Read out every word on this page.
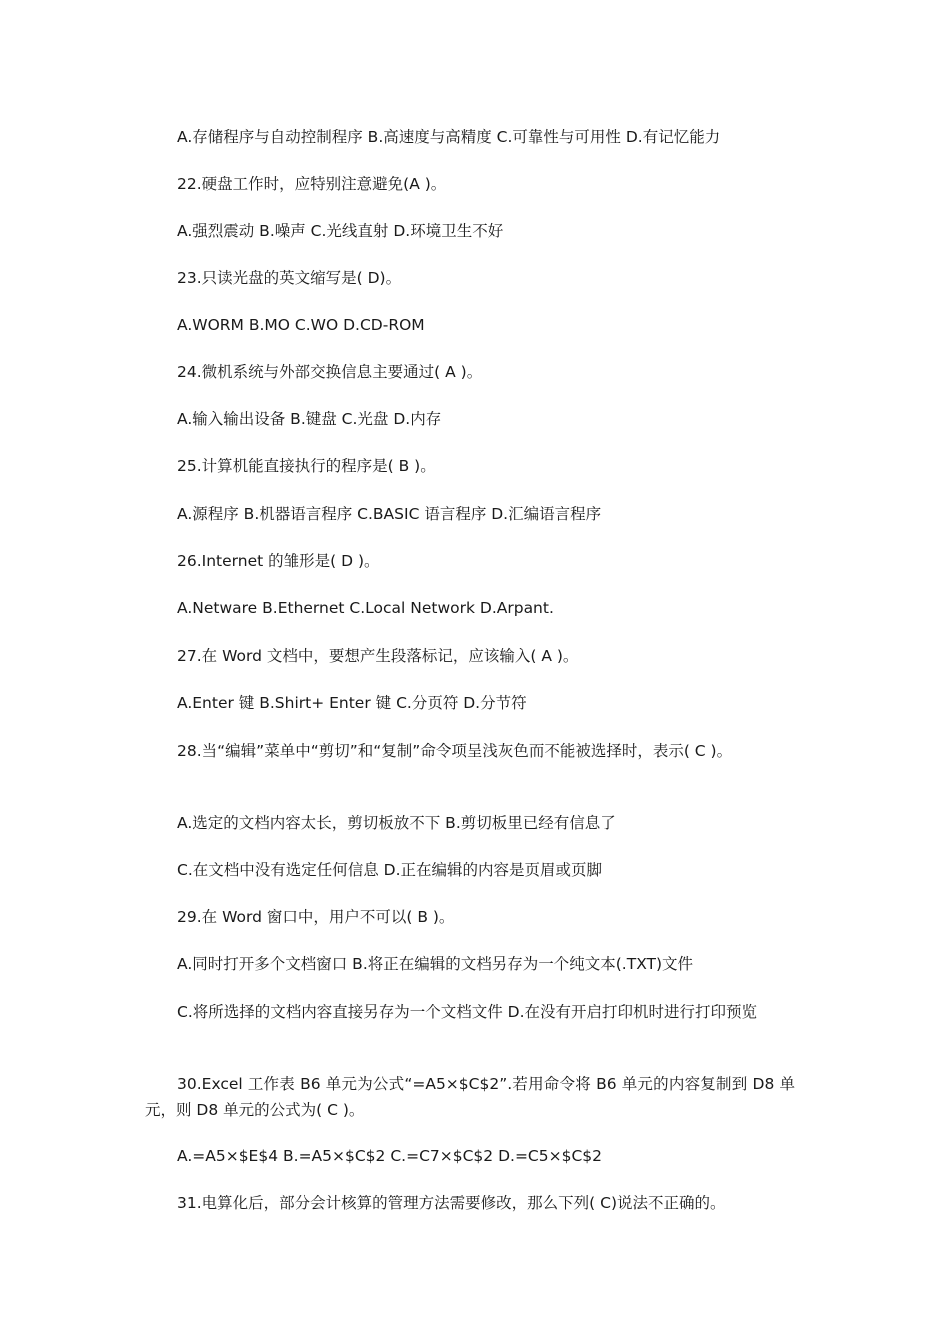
A.存储程序与自动控制程序 B.高速度与高精度 C.可靠性与可用性 D.有记忆能力
22.硬盘工作时，应特别注意避免(A )。
A.强烈震动 B.噪声 C.光线直射 D.环境卫生不好
23.只读光盘的英文缩写是( D)。
A.WORM B.MO C.WO D.CD-ROM
24.微机系统与外部交换信息主要通过( A )。
A.输入输出设备 B.键盘 C.光盘 D.内存
25.计算机能直接执行的程序是( B )。
A.源程序 B.机器语言程序 C.BASIC 语言程序 D.汇编语言程序
26.Internet 的雏形是( D )。
A.Netware B.Ethernet C.Local Network D.Arpant.
27.在 Word 文档中，要想产生段落标记，应该输入( A )。
A.Enter 键 B.Shirt+ Enter 键 C.分页符 D.分节符
28.当“编辑”菜单中“剪切”和“复制”命令项呈浅灰色而不能被选择时，表示( C )。
A.选定的文档内容太长，剪切板放不下 B.剪切板里已经有信息了
C.在文档中没有选定任何信息 D.正在编辑的内容是页眉或页脚
29.在 Word 窗口中，用户不可以( B )。
A.同时打开多个文档窗口 B.将正在编辑的文档另存为一个纯文本(.TXT)文件
C.将所选择的文档内容直接另存为一个文档文件 D.在没有开启打印机时进行打印预览
30.Excel 工作表 B6 单元为公式“=A5×$C$2”.若用命令将 B6 单元的内容复制到 D8 单元，则 D8 单元的公式为( C )。
A.=A5×$E$4 B.=A5×$C$2 C.=C7×$C$2 D.=C5×$C$2
31.电算化后，部分会计核算的管理方法需要修改，那么下列( C)说法不正确的。
